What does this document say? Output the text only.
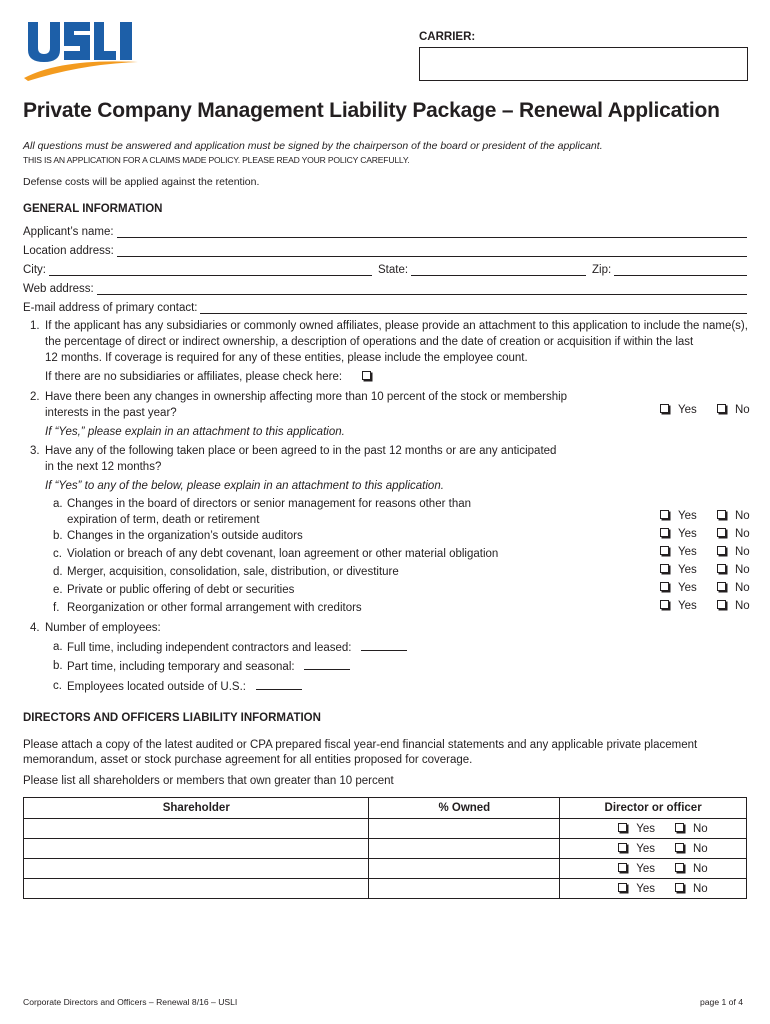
CARRIER:
Private Company Management Liability Package – Renewal Application
All questions must be answered and application must be signed by the chairperson of the board or president of the applicant.
THIS IS AN APPLICATION FOR A CLAIMS MADE POLICY. PLEASE READ YOUR POLICY CAREFULLY.
Defense costs will be applied against the retention.
GENERAL INFORMATION
Applicant’s name:
Location address:
City:	State:	Zip:
Web address:
E-mail address of primary contact:
1. If the applicant has any subsidiaries or commonly owned affiliates, please provide an attachment to this application to include the name(s),
the percentage of direct or indirect ownership, a description of operations and the date of creation or acquisition if within the last
12 months. If coverage is required for any of these entities, please include the employee count.
If there are no subsidiaries or affiliates, please check here:
2. Have there been any changes in ownership affecting more than 10 percent of the stock or membership
interests in the past year?	Yes	No
If “Yes,” please explain in an attachment to this application.
3. Have any of the following taken place or been agreed to in the past 12 months or are any anticipated
in the next 12 months?
If “Yes” to any of the below, please explain in an attachment to this application.
a. Changes in the board of directors or senior management for reasons other than
expiration of term, death or retirement	Yes	No
b. Changes in the organization’s outside auditors	Yes	No
c. Violation or breach of any debt covenant, loan agreement or other material obligation	Yes	No
d. Merger, acquisition, consolidation, sale, distribution, or divestiture	Yes	No
e. Private or public offering of debt or securities	Yes	No
f. Reorganization or other formal arrangement with creditors	Yes	No
4. Number of employees:
a. Full time, including independent contractors and leased:
b. Part time, including temporary and seasonal:
c. Employees located outside of U.S.:
DIRECTORS AND OFFICERS LIABILITY INFORMATION
Please attach a copy of the latest audited or CPA prepared fiscal year-end financial statements and any applicable private placement
memorandum, asset or stock purchase agreement for all entities proposed for coverage.
Please list all shareholders or members that own greater than 10 percent
Shareholder	% Owned	Director or officer
		Yes No
		Yes No
		Yes No
		Yes No
Corporate Directors and Officers – Renewal 8/16 – USLI	page 1 of 4
